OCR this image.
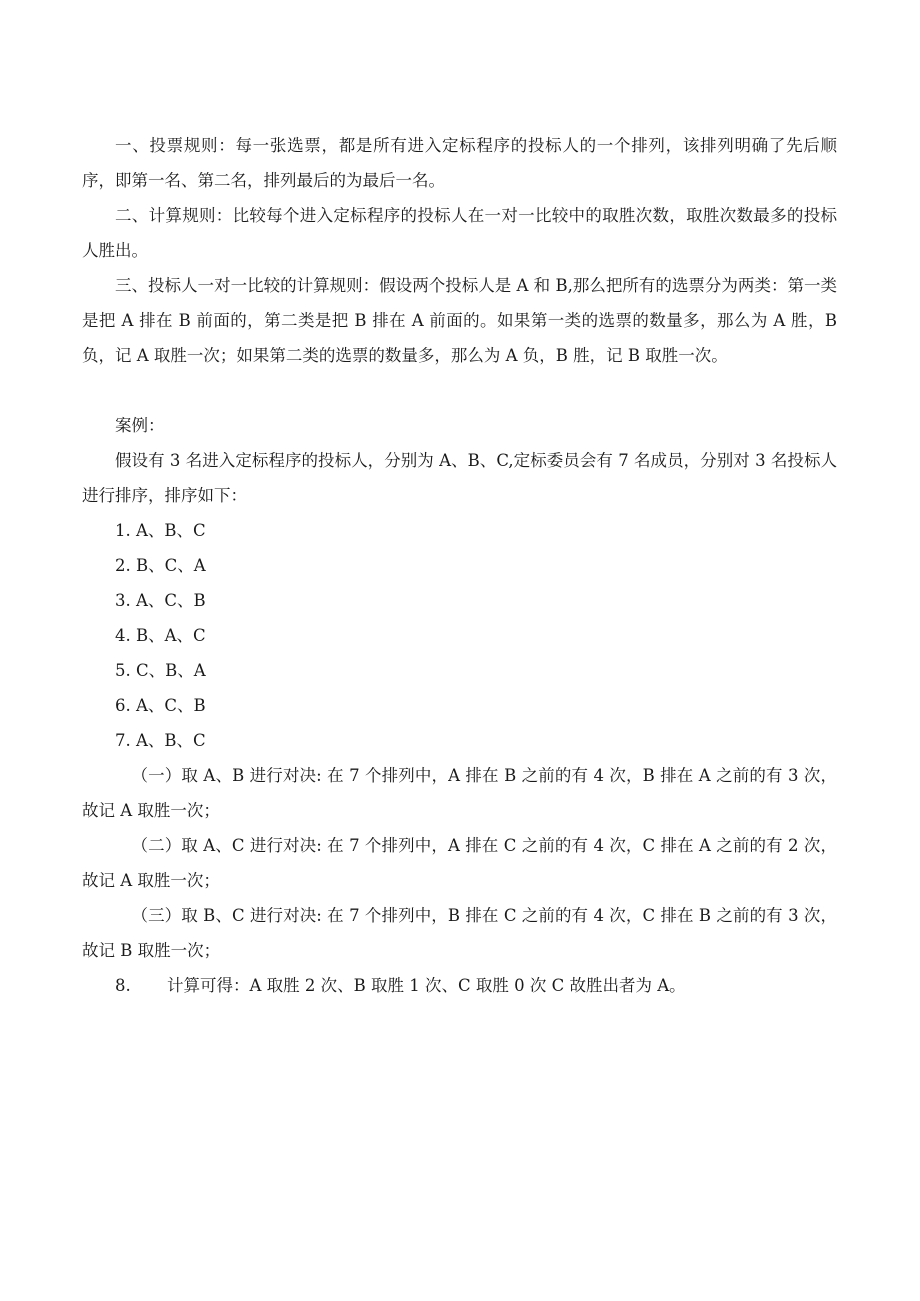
一、投票规则：每一张选票，都是所有进入定标程序的投标人的一个排列，该排列明确了先后顺序，即第一名、第二名，排列最后的为最后一名。

二、计算规则：比较每个进入定标程序的投标人在一对一比较中的取胜次数，取胜次数最多的投标人胜出。

三、投标人一对一比较的计算规则：假设两个投标人是 A 和 B,那么把所有的选票分为两类：第一类是把 A 排在 B 前面的，第二类是把 B 排在 A 前面的。如果第一类的选票的数量多，那么为 A 胜，B 负，记 A 取胜一次；如果第二类的选票的数量多，那么为 A 负，B 胜，记 B 取胜一次。

案例：

假设有 3 名进入定标程序的投标人，分别为 A、B、C,定标委员会有 7 名成员，分别对 3 名投标人进行排序，排序如下：

1. A、B、C

2. B、C、A

3. A、C、B

4. B、A、C

5. C、B、A

6. A、C、B

7. A、B、C

（一）取 A、B 进行对决: 在 7 个排列中，A 排在 B 之前的有 4 次，B 排在 A 之前的有 3 次，故记 A 取胜一次；

（二）取 A、C 进行对决: 在 7 个排列中，A 排在 C 之前的有 4 次，C 排在 A 之前的有 2 次，故记 A 取胜一次；

（三）取 B、C 进行对决: 在 7 个排列中，B 排在 C 之前的有 4 次，C 排在 B 之前的有 3 次，故记 B 取胜一次；

8. 计算可得：A 取胜 2 次、B 取胜 1 次、C 取胜 0 次 C 故胜出者为 A。
